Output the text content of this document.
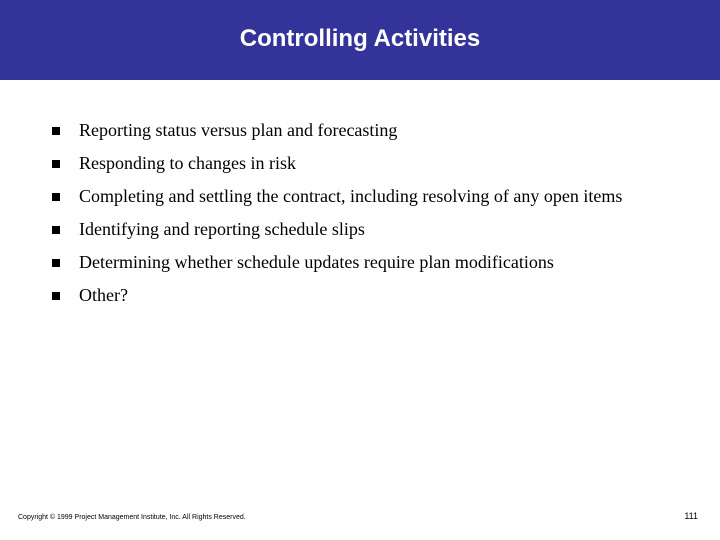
Controlling Activities
Reporting status versus plan and forecasting
Responding to changes in risk
Completing and settling the contract, including resolving of any open items
Identifying and reporting schedule slips
Determining whether schedule updates require plan modifications
Other?
Copyright © 1999 Project Management Institute, Inc. All Rights Reserved.	111
